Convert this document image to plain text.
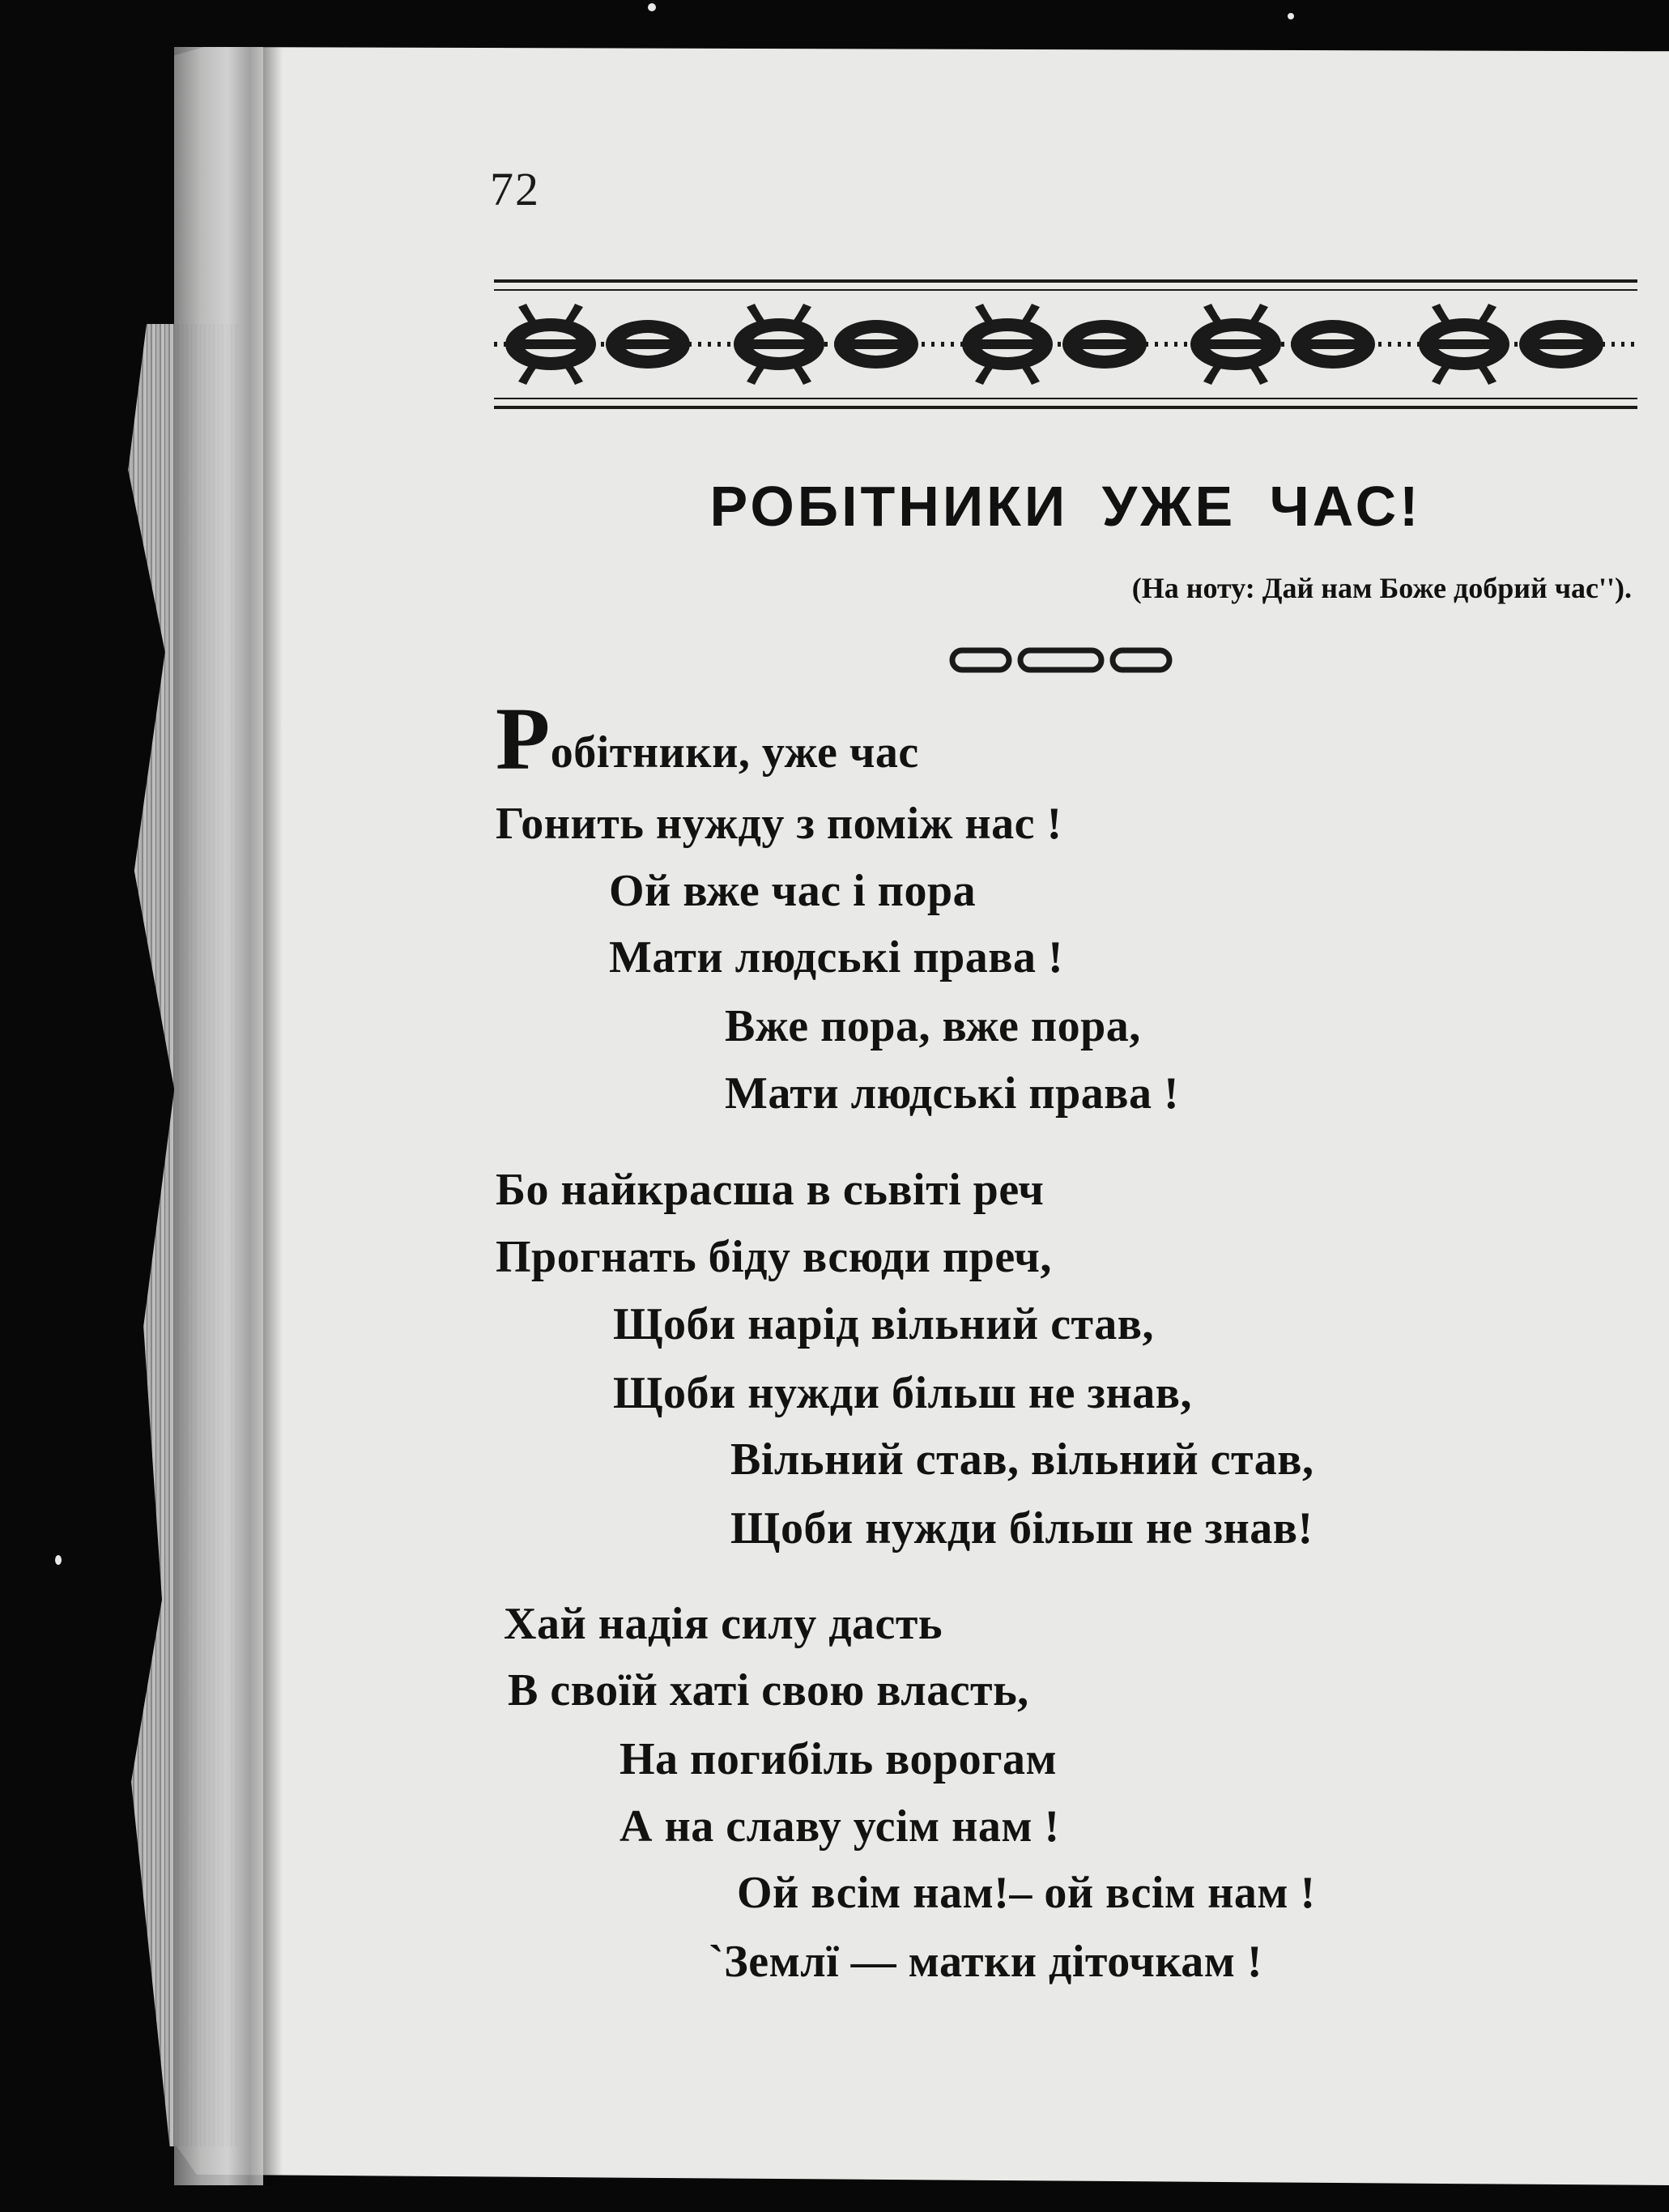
72
РОБІТНИКИ УЖЕ ЧАС!
(На ноту: Дай нам Боже добрий час'').
Робітники, уже час
Гонить нужду з поміж нас !
Ой вже час і пора
Мати людські права !
Вже пора, вже пора,
Мати людські права !
Бо найкрасша в сьвіті реч
Прогнать біду всюди преч,
Щоби нарід вільний став,
Щоби нужди більш не знав,
Вільний став, вільний став,
Щоби нужди більш не знав!
Хай надія силу дасть
В своїй хаті свою власть,
На погибіль ворогам
А на славу усім нам !
Ой всім нам!– ой всім нам !
`Землї — матки діточкам !
